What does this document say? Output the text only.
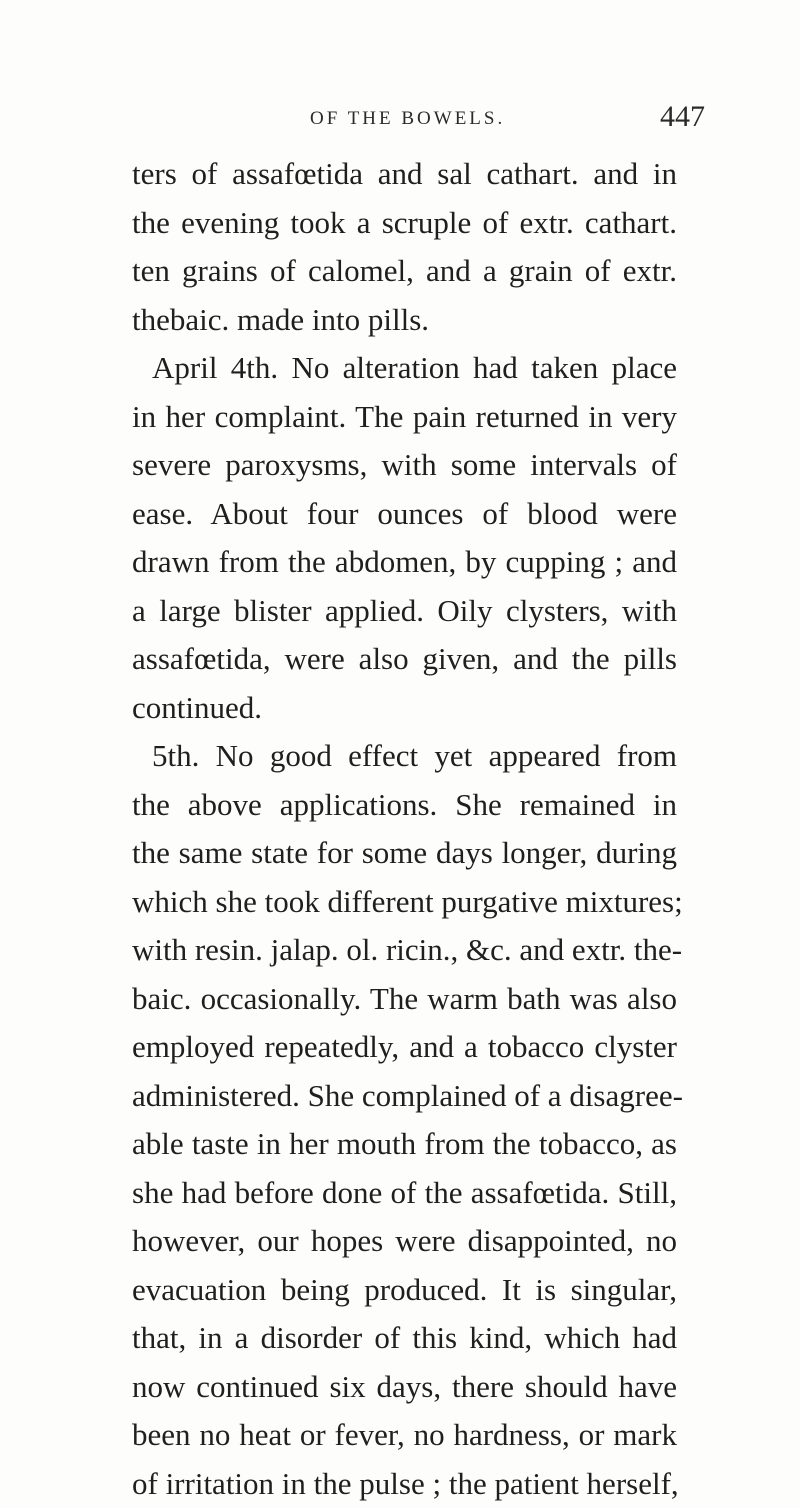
OF THE BOWELS.	447
ters of assafœtida and sal cathart. and in
the evening took a scruple of extr. cathart.
ten grains of calomel, and a grain of extr.
thebaic. made into pills.
April 4th. No alteration had taken place
in her complaint. The pain returned in very
severe paroxysms, with some intervals of
ease. About four ounces of blood were
drawn from the abdomen, by cupping ; and
a large blister applied. Oily clysters, with
assafœtida, were also given, and the pills
continued.
5th. No good effect yet appeared from
the above applications. She remained in
the same state for some days longer, during
which she took different purgative mixtures;
with resin. jalap. ol. ricin., &c. and extr. the-
baic. occasionally. The warm bath was also
employed repeatedly, and a tobacco clyster
administered. She complained of a disagree-
able taste in her mouth from the tobacco, as
she had before done of the assafœtida. Still,
however, our hopes were disappointed, no
evacuation being produced. It is singular,
that, in a disorder of this kind, which had
now continued six days, there should have
been no heat or fever, no hardness, or mark
of irritation in the pulse ; the patient herself,
